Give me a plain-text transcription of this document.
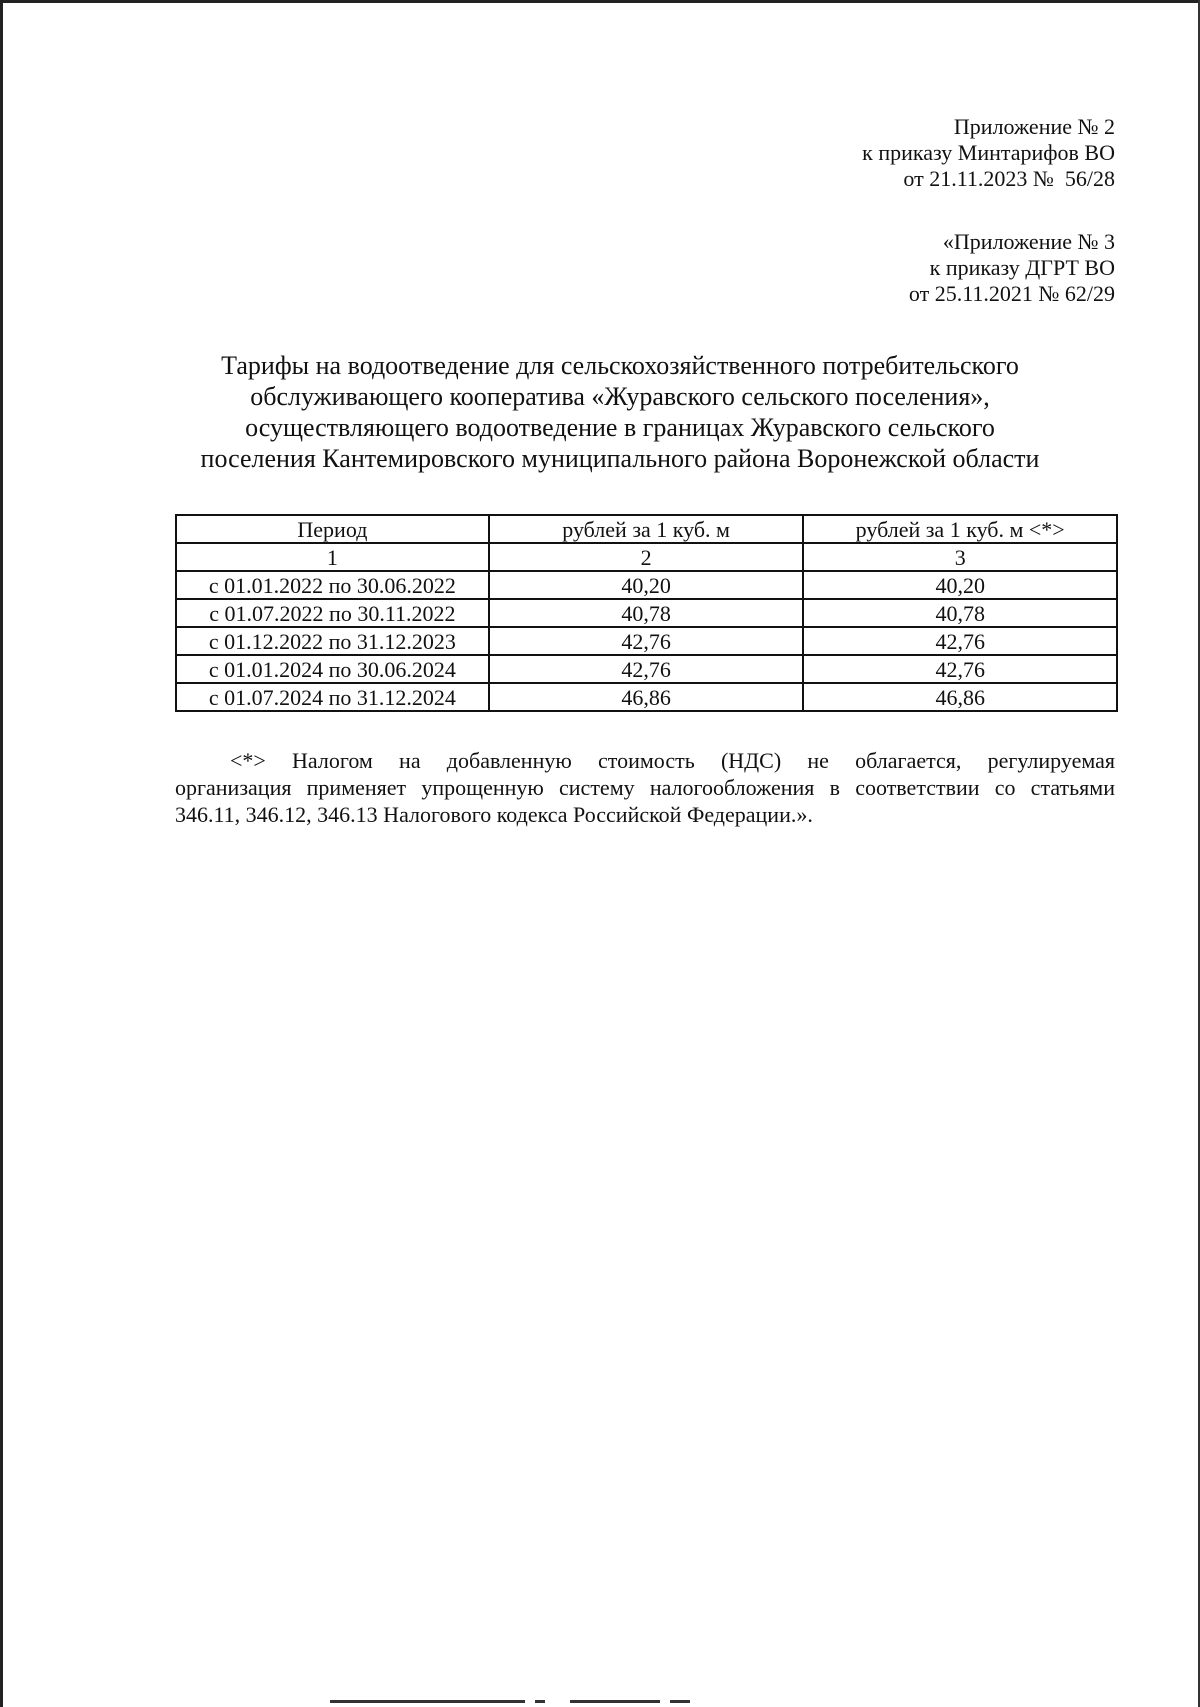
Приложение № 2
к приказу Минтарифов ВО
от 21.11.2023 №  56/28
«Приложение № 3
к приказу ДГРТ ВО
от 25.11.2021 № 62/29
Тарифы на водоотведение для сельскохозяйственного потребительского
обслуживающего кооператива «Журавского сельского поселения»,
осуществляющего водоотведение в границах Журавского сельского
поселения Кантемировского муниципального района Воронежской области
Период	рублей за 1 куб. м	рублей за 1 куб. м <*>
1	2	3
с 01.01.2022 по 30.06.2022	40,20	40,20
с 01.07.2022 по 30.11.2022	40,78	40,78
с 01.12.2022 по 31.12.2023	42,76	42,76
с 01.01.2024 по 30.06.2024	42,76	42,76
с 01.07.2024 по 31.12.2024	46,86	46,86
<*> Налогом на добавленную стоимость (НДС) не облагается, регулируемая
организация применяет упрощенную систему налогообложения в соответствии со статьями
346.11, 346.12, 346.13 Налогового кодекса Российской Федерации.».
